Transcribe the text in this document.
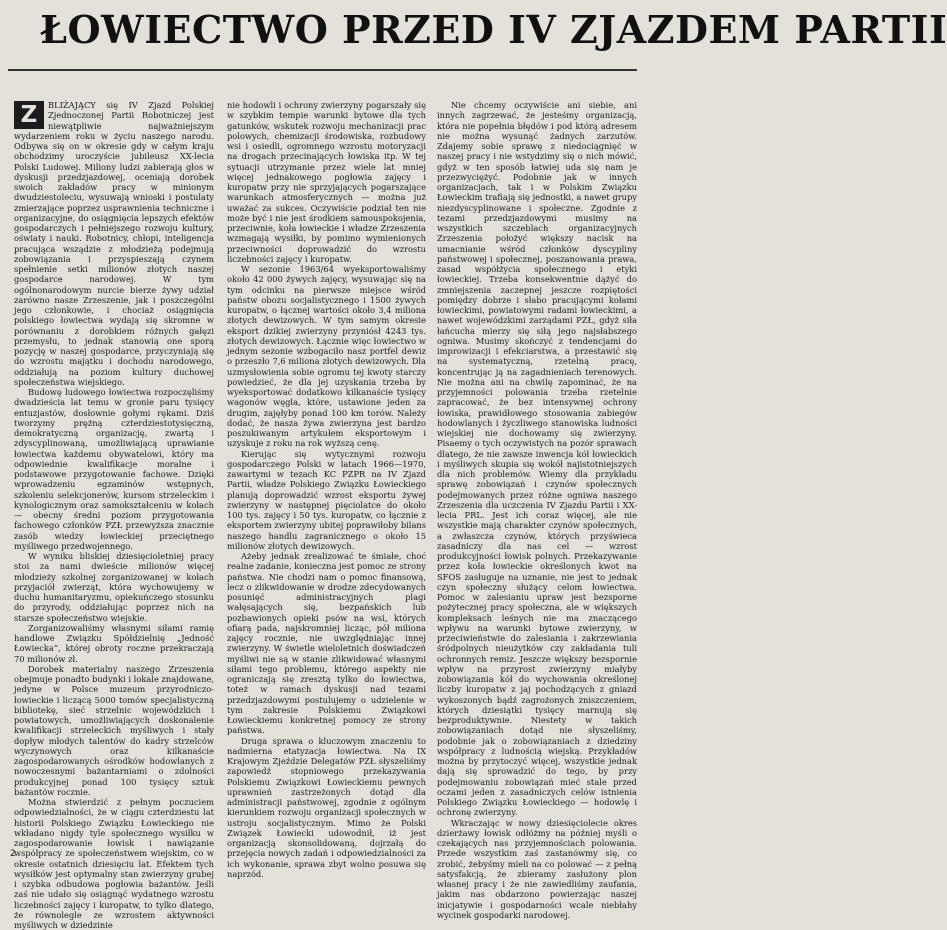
ŁOWIECTWO PRZED IV ZJAZDEM PARTII

Z	BLIŻAJĄCY się IV Zjazd Polskiej Zjednoczonej Partii Robotniczej jest niewątpliwie najważniejszym wydarzeniem roku w życiu naszego narodu. Odbywa się on w okresie gdy w całym kraju obchodzimy uroczyście jubileusz XX-lecia Polski Ludowej. Miliony ludzi zabierają głos w dyskusji przedzjazdowej, oceniają dorobek swoich zakładów pracy w minionym dwudziestoleciu, wysuwają wnioski i postulaty zmierzające poprzez usprawnienia techniczne i organizacyjne, do osiągnięcia lepszych efektów gospodarczych i pełniejszego rozwoju kultury, oświaty i nauki. Robotnicy, chłopi, inteligencja pracująca wsządzie z młodzieżą podejmują zobowiązania i przyspieszają czynem spełnienie setki milionów złotych naszej gospodarce narodowej. W tym ogólnonarodowym nurcie bierze żywy udział zarówno nasze Zrzeszenie, jak i poszczególni jego członkowie, i chociaż osiągnięcia polskiego łowiectwa wydają się skromne w porównaniu z dorobkiem różnych gałęzi przemysłu, to jednak stanowią one sporą pozycję w naszej gospodarce, przyczyniają się do wzrostu majątku i dochodu narodowego, oddziałują na poziom kultury duchowej społeczeństwa wiejskiego.

Budowę ludowego łowiectwa rozpoczęliśmy dwadzieścia lat temu w gronie paru tysięcy entuzjastów, dosłownie gołymi rękami. Dziś tworzymy prężną czterdziestotysięczną, demokratyczną organizację, zwartą i zdyscyplinowaną, umożliwiającą uprawianie łowiectwa każdemu obywatelowi, który ma odpowiednie kwalifikacje moralne i podstawowe przygotowanie fachowe. Dzięki wprowadzeniu egzaminów wstępnych, szkoleniu selekcjonerów, kursom strzeleckim i kynologicznym oraz samokształceniu w kołach — obecny średni poziom przygotowania fachowego członków PZŁ przewyższa znacznie zasób wiedzy łowieckiej przeciętnego myśliwego przedwojennego.

W wyniku bliskiej dziesięcioletniej pracy stoi za nami dwieście milionów więcej młodzieży szkolnej zorganizowanej w kołach przyjaciół zwierząt, która wychowujemy w duchu humanitaryzmu, opiekuńczego stosunku do przyrody, oddziałując poprzez nich na starsze społeczeństwo wiejskie.

Zorganizowaliśmy własnymi siłami ramię handlowe Związku Spółdzielnię „Jedność Łowiecka”, której obroty roczne przekraczają 70 milionów zł.

Dorobek materialny naszego Zrzeszenia obejmuje ponadto budynki i lokale znajdowane, jedyne w Polsce muzeum przyrodniczo-łowieckie i liczącą 5000 tomów specjalistyczną bibliotekę, sieć strzelnic wojewódzkich i powiatowych, umożliwiających doskonalenie kwalifikacji strzeleckich myśliwych i stały dopływ młodych talentów do kadry strzelców wyczynowych oraz kilkanaście zagospodarowanych ośrodków hodowlanych z nowoczesnymi bażantarniami o zdolności produkcyjnej ponad 100 tysięcy sztuk bażantów rocznie.

Można stwierdzić z pełnym poczuciem odpowiedzialności, że w ciągu czterdziestu lat historii Polskiego Związku Łowieckiego nie wkładano nigdy tyle społecznego wysiłku w zagospodarowanie łowisk i nawiązanie współpracy ze społeczeństwem wiejskim, co w okresie ostatnich dziesięciu lat. Efektem tych wysiłków jest optymalny stan zwierzyny grubej i szybka odbudowa pogłowia bażantów. Jeśli zaś nie udało się osiągnąć wydatnego wzrostu liczebności zajęcy i kuropatw, to tylko dlatego, że równolegle ze wzrostem aktywności myśliwych w dziedzinie

nie hodowli i ochrony zwierzyny pogarszały się w szybkim tempie warunki bytowe dla tych gatunków, wskutek rozwoju mechanizacji prac polowych, chemizacji środowiska, rozbudowy wsi i osiedli, ogromnego wzrostu motoryzacji na drogach przecinających łowiska itp. W tej sytuacji utrzymanie przez wiele lat mniej więcej jednakowego pogłowia zajęcy i kuropatw przy nie sprzyjających pogarszające warunkach atmosferycznych — można już uważać za sukces. Oczywiście podział ten nie może być i nie jest środkiem samouspokojenia, przeciwnie, koła łowieckie i władze Zrzeszenia wzmagają wysiłki, by pomimo wymienionych przeciwności doprowadzić do wzrostu liczebności zajęcy i kuropatw.

W sezonie 1963/64 wyeksportowaliśmy około 42 000 żywych zajęcy, wysuwając się na tym odcinku na pierwsze miejsce wśród państw obozu socjalistycznego i 1500 żywych kuropatw, o łącznej wartości około 3,4 miliona złotych dewizowych. W tym samym okresie eksport dzikiej zwierzyny przyniósł 4243 tys. złotych dewizowych. Łącznie więc łowiectwo w jednym sezonie wzbogaciło nasz portfel dewiz o przeszło 7,6 miliona złotych dewizowych. Dla uzmysłowienia sobie ogromu tej kwoty starczy powiedzieć, że dla jej uzyskania trzeba by wyeksportować dodatkowo kilkanaście tysięcy wagonów węgla, które, ustawione jeden za drugim, zajęłyby ponad 100 km torów. Należy dodać, że nasza żywa zwierzyna jest bardzo poszukiwanym artykułem eksportowym i uzyskuje z roku na rok wyższą cenę.

Kierując się wytycznymi rozwoju gospodarczego Polski w latach 1966—1970, zawartymi w tezach KC PZPR na IV Zjazd Partii, władze Polskiego Związku Łowieckiego planują doprowadzić wzrost eksportu żywej zwierzyny w następnej pięciolatce do około 100 tys. zajęcy i 50 tys. kuropatw, co łącznie z eksportem zwierzyny ubitej poprawiłoby bilans naszego handlu zagranicznego o około 15 milionów złotych dewizowych.

Ażeby jednak zrealizować te śmiałe, choć realne zadanie, konieczna jest pomoc ze strony państwa. Nie chodzi nam o pomoc finansową, lecz o zlikwidowanie w drodze zdecydowanych posunięć administracyjnych plagi wałęsających się, bezpańskich lub pozbawionych opieki psów na wsi, których ofiarą pada, najskromniej licząc, pół miliona zajęcy rocznie, nie uwzględniając innej zwierzyny. W świetle wieloletnich doświadczeń myśliwi nie są w stanie zlikwidować własnymi siłami tego problemu, którego aspekty nie ograniczają się zresztą tylko do łowiectwa, toteż w ramach dyskusji nad tezami przedzjazdowymi postulujemy o udzielenie w tym zakresie Polskiemu Związkowi Łowieckiemu konkretnej pomocy ze strony państwa.

Druga sprawa o kluczowym znaczeniu to nadmierna etatyzacja łowiectwa. Na IX Krajowym Zjeździe Delegatów PZŁ słyszeliśmy zapowiedź stopniowego przekazywania Polskiemu Związkowi Łowieckiemu pewnych uprawnień zastrzeżonych dotąd dla administracji państwowej, zgodnie z ogólnym kierunkiem rozwoju organizacji społecznych w ustroju socjalistycznym. Mimo że Polski Związek Łowiecki udowodnił, iż jest organizacją skonsolidowaną, dojrzałą do przejęcia nowych zadań i odpowiedzialności za ich wykonanie, sprawa zbyt wolno posuwa się naprzód.

Nie chcemy oczywiście ani siebie, ani innych zagrzewać, że jesteśmy organizacją, która nie popełnia błędów i pod którą adresem nie można wysunąć żadnych zarzutów. Zdajemy sobie sprawę z niedociągnięć w naszej pracy i nie wstydzimy się o nich mówić, gdyż w ten sposób łatwiej uda się nam je przezwyciężyć. Podobnie jak w innych organizacjach, tak i w Polskim Związku Łowieckim trafiają się jednostki, a nawet grupy niezdyscyplinowane i społeczne. Zgodnie z tezami przedzjazdowymi musimy na wszystkich szczeblach organizacyjnych Zrzeszenia położyć większy nacisk na umacnianie wśród członków dyscypliny państwowej i społecznej, poszanowania prawa, zasad współżycia społecznego i etyki łowieckiej. Trzeba konsekwentnie dążyć do zmniejszenia zaczepnej jeszcze rozpiętości pomiędzy dobrze i słabo pracującymi kołami łowieckimi, powiatowymi radami łowieckimi, a nawet wojewódzkimi zarządami PZŁ, gdyż siła łańcucha mierzy się siłą jego najsłabszego ogniwa. Musimy skończyć z tendencjami do improwizacji i efekciarstwa, a przestawić się na systematyczną, rzetelną pracę, koncentrując ją na zagadnieniach terenowych. Nie można ani na chwilę zapominać, że na przyjemności polowania trzeba rzetelnie zapracować, że bez intensywnej ochrony łowiska, prawidłowego stosowania zabiegów hodowlanych i życzliwego stanowiska ludności wiejskiej nie dochowamy się zwierzyny. Pisaemy o tych oczywistych na pozór sprawach dlatego, że nie zawsze inwencja kół łowieckich i myśliwych skupia się wokół najistotniejszych dla nich problemów. Wiemy dla przykładu sprawę zobowiązań i czynów społecznych podejmowanych przez różne ogniwa naszego Zrzeszenia dla uczczenia IV Zjazdu Partii i XX-lecia PRL. Jest ich coraz więcej, ale nie wszystkie mają charakter czynów społecznych, a zwłaszcza czynów, których przyświeca zasadniczy dla nas cel — wzrost produkcyjności łowisk polnych. Przekazywanie przez koła łowieckie określonych kwot na SFOS zasługuje na uznanie, nie jest to jednak czyn społeczny służący celom łowiectwa. Pomoc w zalesianiu upraw jest bezsporne pożytecznej pracy społeczna, ale w większych kompleksach leśnych nie ma znaczącego wpływu na warunki bytowe zwierzyny, w przeciwieństwie do zalesiania i zakrzewiania śródpolnych nieużytków czy zakładania tuli ochronnych remiz. Jeszcze większy bezspornie wpływ na przyrost zwierzyny miałyby zobowiązania kół do wychowania określonej liczby kuropatw z jaj pochodzących z gniazd wykoszonych bądź zagrożonych zniszczeniem, których dziesiątki tysięcy marnują się bezproduktywnie. Niestety w takich zobowiązaniach dotąd nie słyszeliśmy, podobnie jak o zobowiązaniach z dziedziny współpracy z ludnością wiejską. Przykładów można by przytoczyć więcej, wszystkie jednak dają się sprowadzić do tego, by przy podejmowaniu zobowiązań mieć stale przed oczami jeden z zasadniczych celów istnienia Polskiego Związku Łowieckiego — hodowlę i ochronę zwierzyny.

Wkraczając w nowy dziesięciolecie okres dzierżawy łowisk odłóżmy na później myśli o czekających nas przyjemnościach polowania. Przede wszystkim zaś zastanówmy się, co zrobić, żebyśmy mieli na co polować — z pełną satysfakcją, że zbieramy zasłużony plon własnej pracy i że nie zawiedliśmy zaufania, jakim nas obdarzono powierzając naszej inicjatywie i gospodarności wcale niebłahy wycinek gospodarki narodowej.

2
